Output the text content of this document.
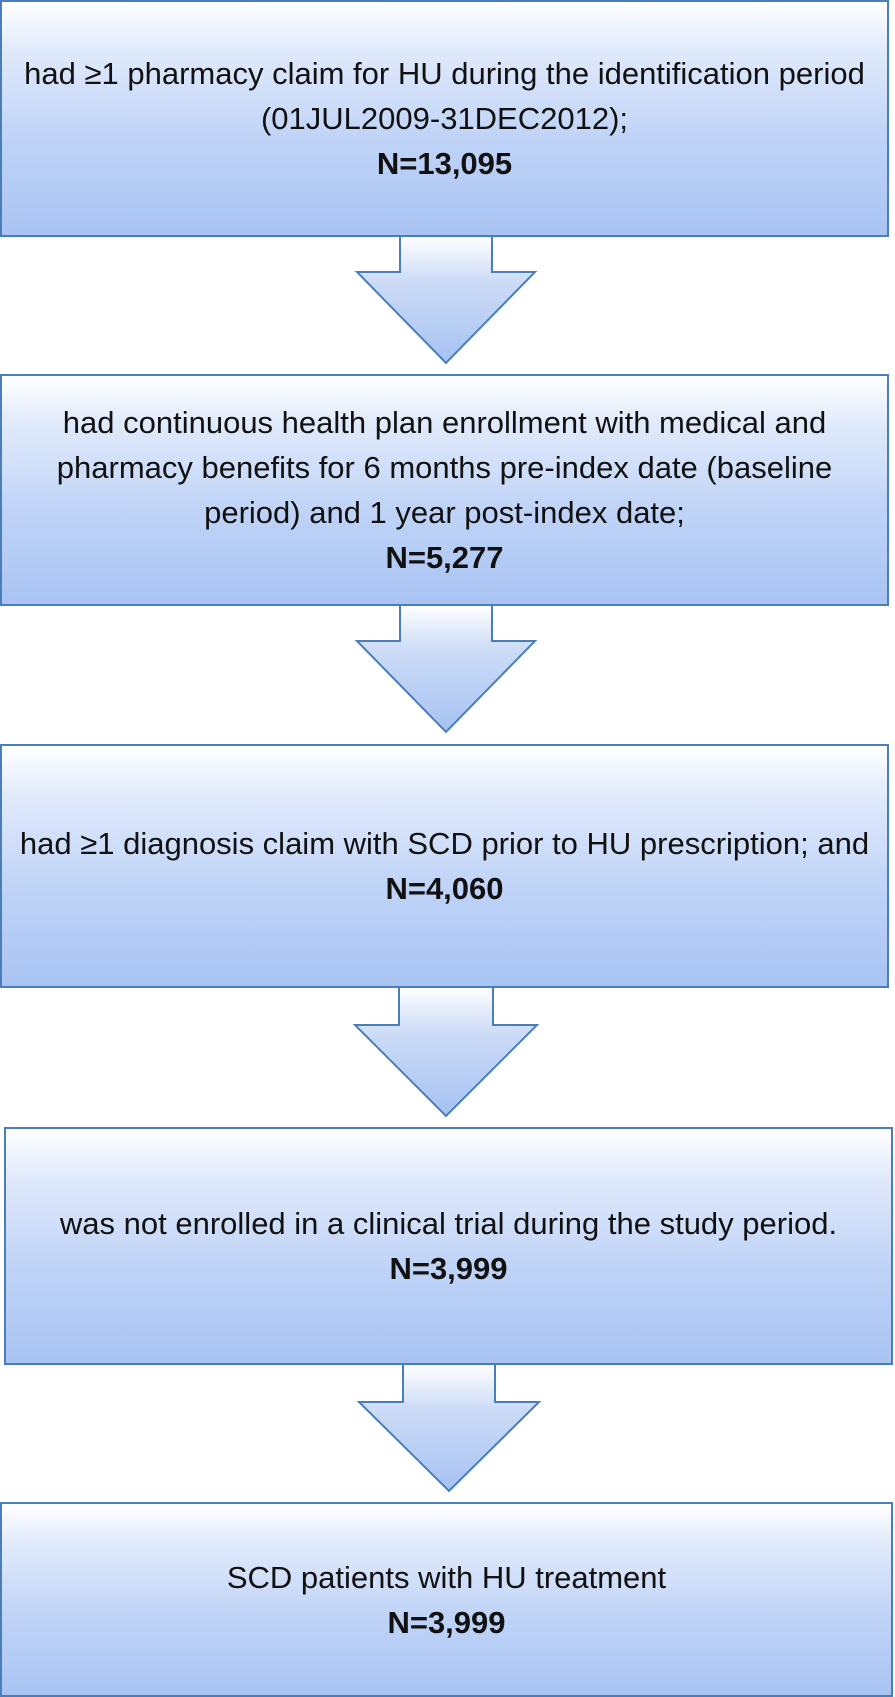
had ≥1 pharmacy claim for HU during the identification period (01JUL2009-31DEC2012);
N=13,095
had continuous health plan enrollment with medical and pharmacy benefits for 6 months pre-index date (baseline period) and 1 year post-index date;
N=5,277
had ≥1 diagnosis claim with SCD prior to HU prescription; and
N=4,060
was not enrolled in a clinical trial during the study period.
N=3,999
SCD patients with HU treatment
N=3,999
